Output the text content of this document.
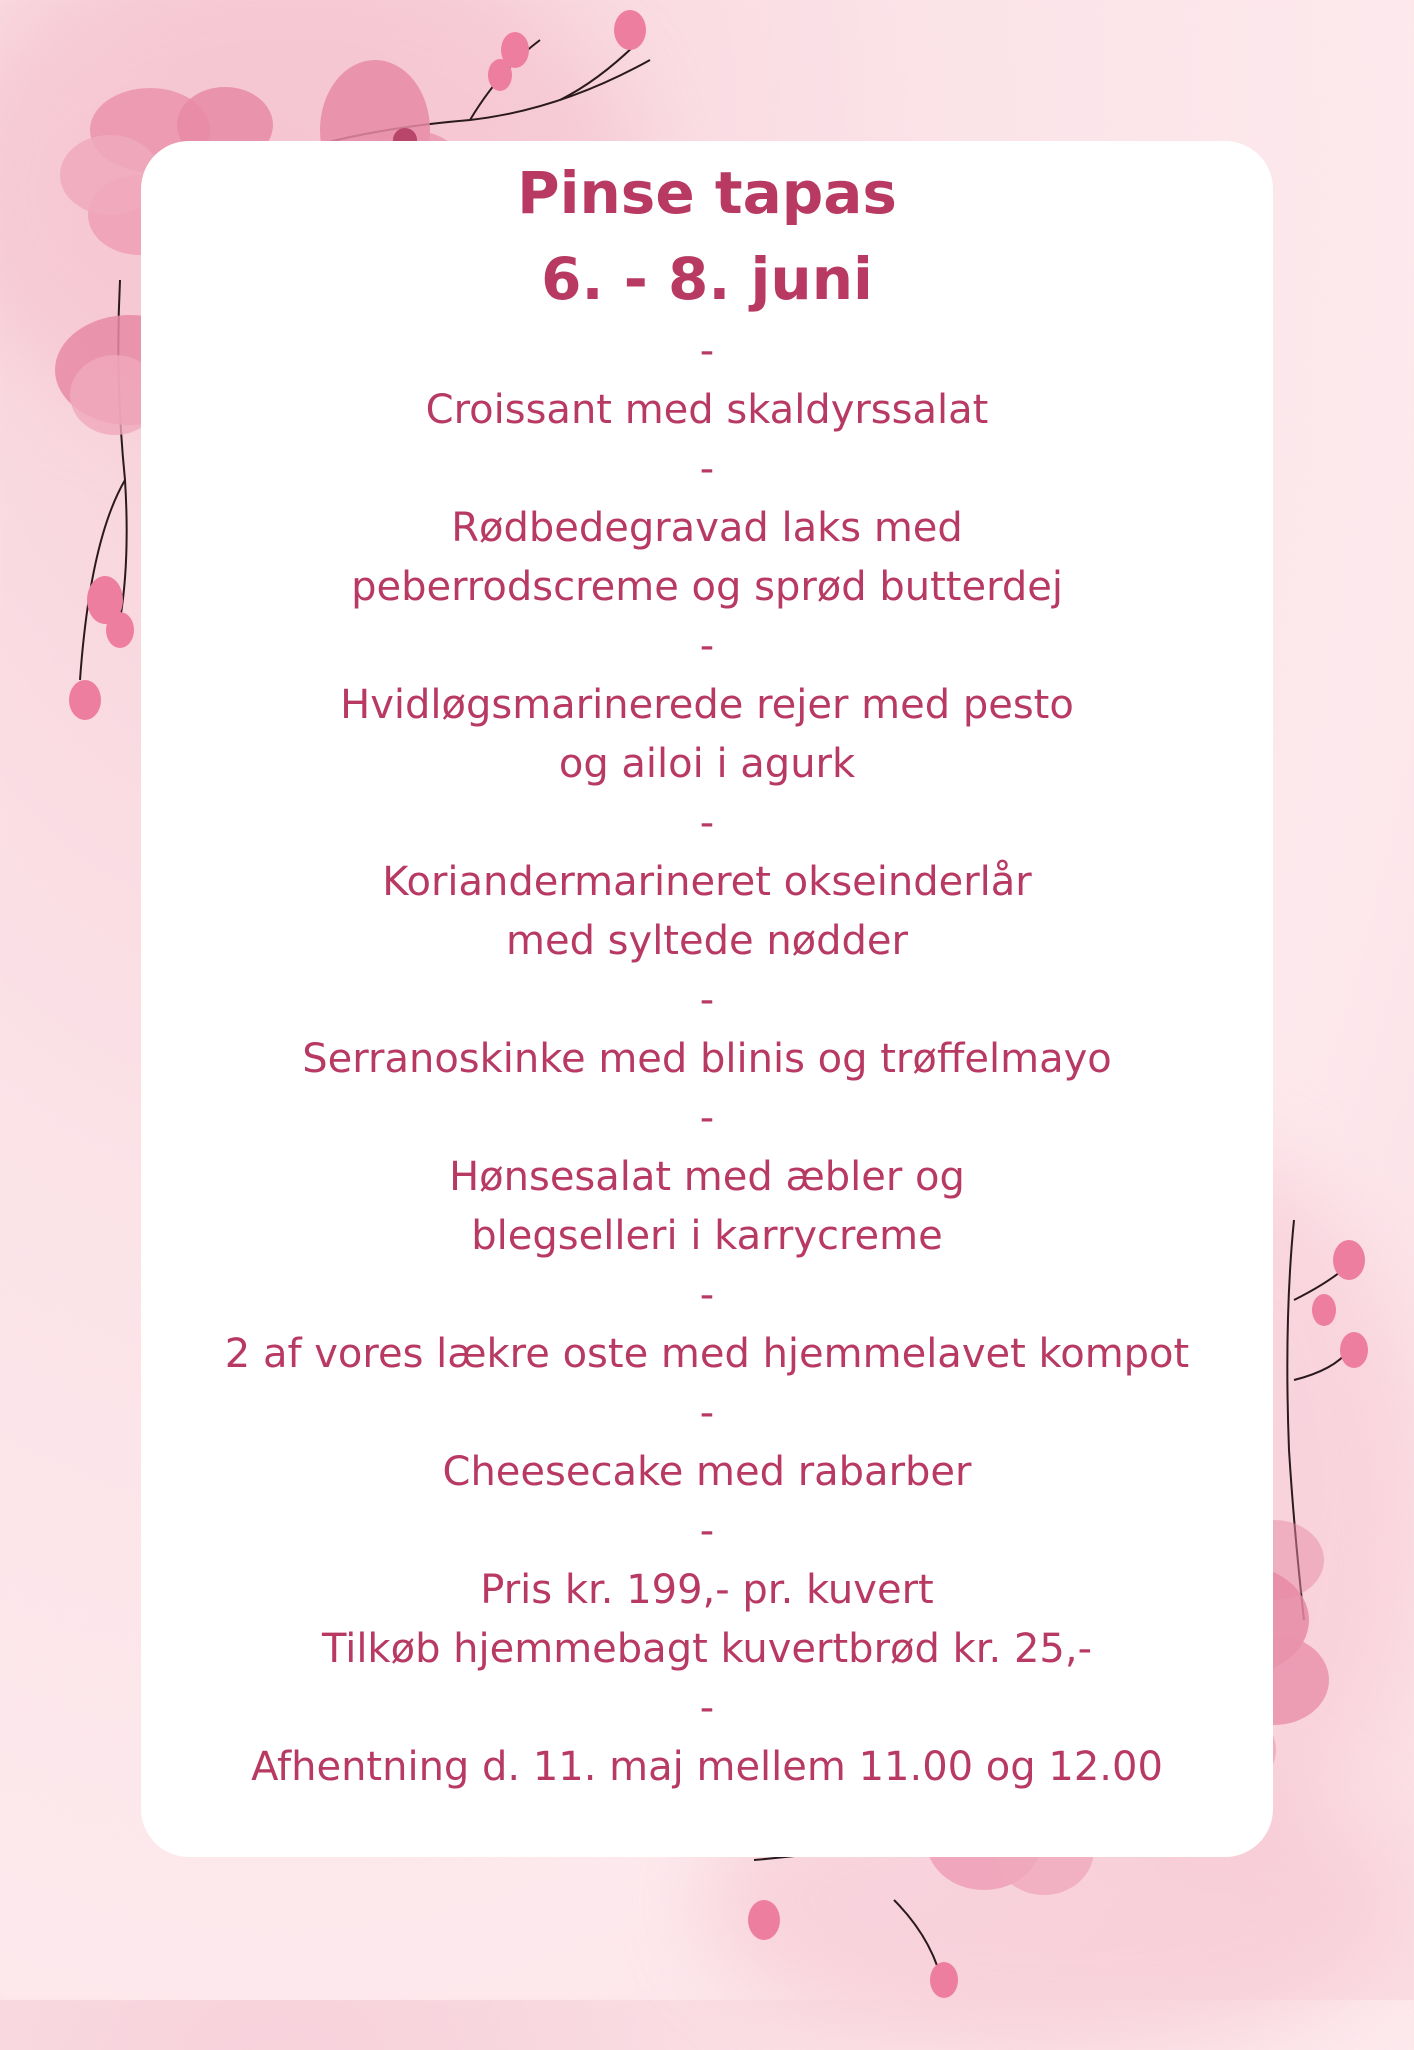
Pinse tapas

6. - 8. juni

-

Croissant med skaldyrssalat

-

Rødbedegravad laks med peberrodscreme og sprød butterdej

-

Hvidløgsmarinerede rejer med pesto og ailoi i agurk

-

Koriandermarineret okseinderlår med syltede nødder

-

Serranoskinke med blinis og trøffelmayo

-

Hønsesalat med æbler og blegselleri i karrycreme

-

2 af vores lækre oste med hjemmelavet kompot

-

Cheesecake med rabarber

-

Pris kr. 199,- pr. kuvert

Tilkøb hjemmebagt kuvertbrød kr. 25,-

-

Afhentning d. 11. maj mellem 11.00 og 12.00
